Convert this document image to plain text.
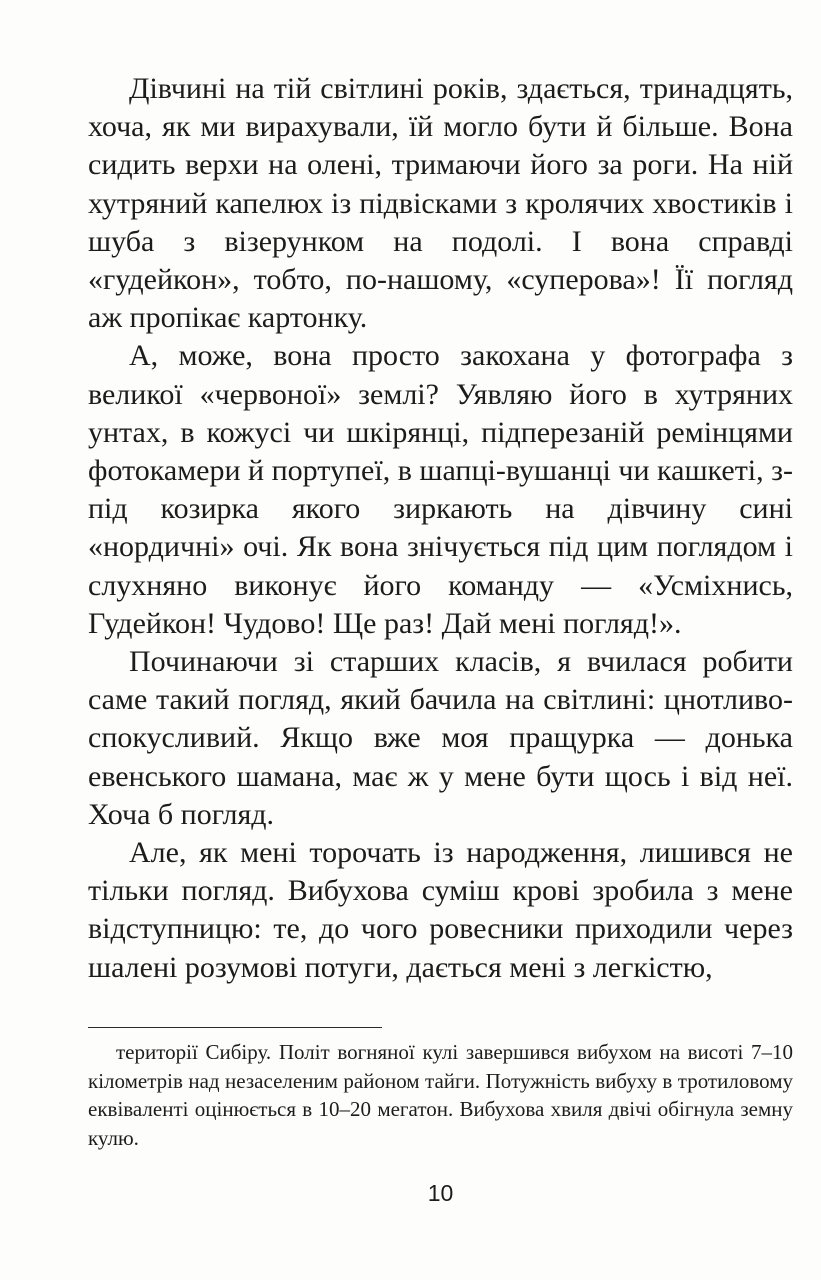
Дівчині на тій світлині років, здається, тринадцять, хоча, як ми вирахували, їй могло бути й більше. Вона сидить верхи на олені, тримаючи його за роги. На ній хутряний капелюх із підвісками з кролячих хвостиків і шуба з візерунком на подолі. І вона справді «гудейкон», тобто, по-нашому, «суперова»! Її погляд аж пропікає картонку.

А, може, вона просто закохана у фотографа з великої «червоної» землі? Уявляю його в хутряних унтах, в кожусі чи шкірянці, підперезаній ремінцями фотокамери й портупеї, в шапці-вушанці чи кашкеті, з-під козирка якого зиркають на дівчину сині «нордичні» очі. Як вона знічується під цим поглядом і слухняно виконує його команду — «Усміхнись, Гудейкон! Чудово! Ще раз! Дай мені погляд!».

Починаючи зі старших класів, я вчилася робити саме такий погляд, який бачила на світлині: цнотливо-спокусливий. Якщо вже моя пращурка — донька евенського шамана, має ж у мене бути щось і від неї. Хоча б погляд.

Але, як мені торочать із народження, лишився не тільки погляд. Вибухова суміш крові зробила з мене відступницю: те, до чого ровесники приходили через шалені розумові потуги, дається мені з легкістю,

території Сибіру. Політ вогняної кулі завершився вибухом на висоті 7–10 кілометрів над незаселеним районом тайги. Потужність вибуху в тротиловому еквіваленті оцінюється в 10–20 мегатон. Вибухова хвиля двічі обігнула земну кулю.

10
